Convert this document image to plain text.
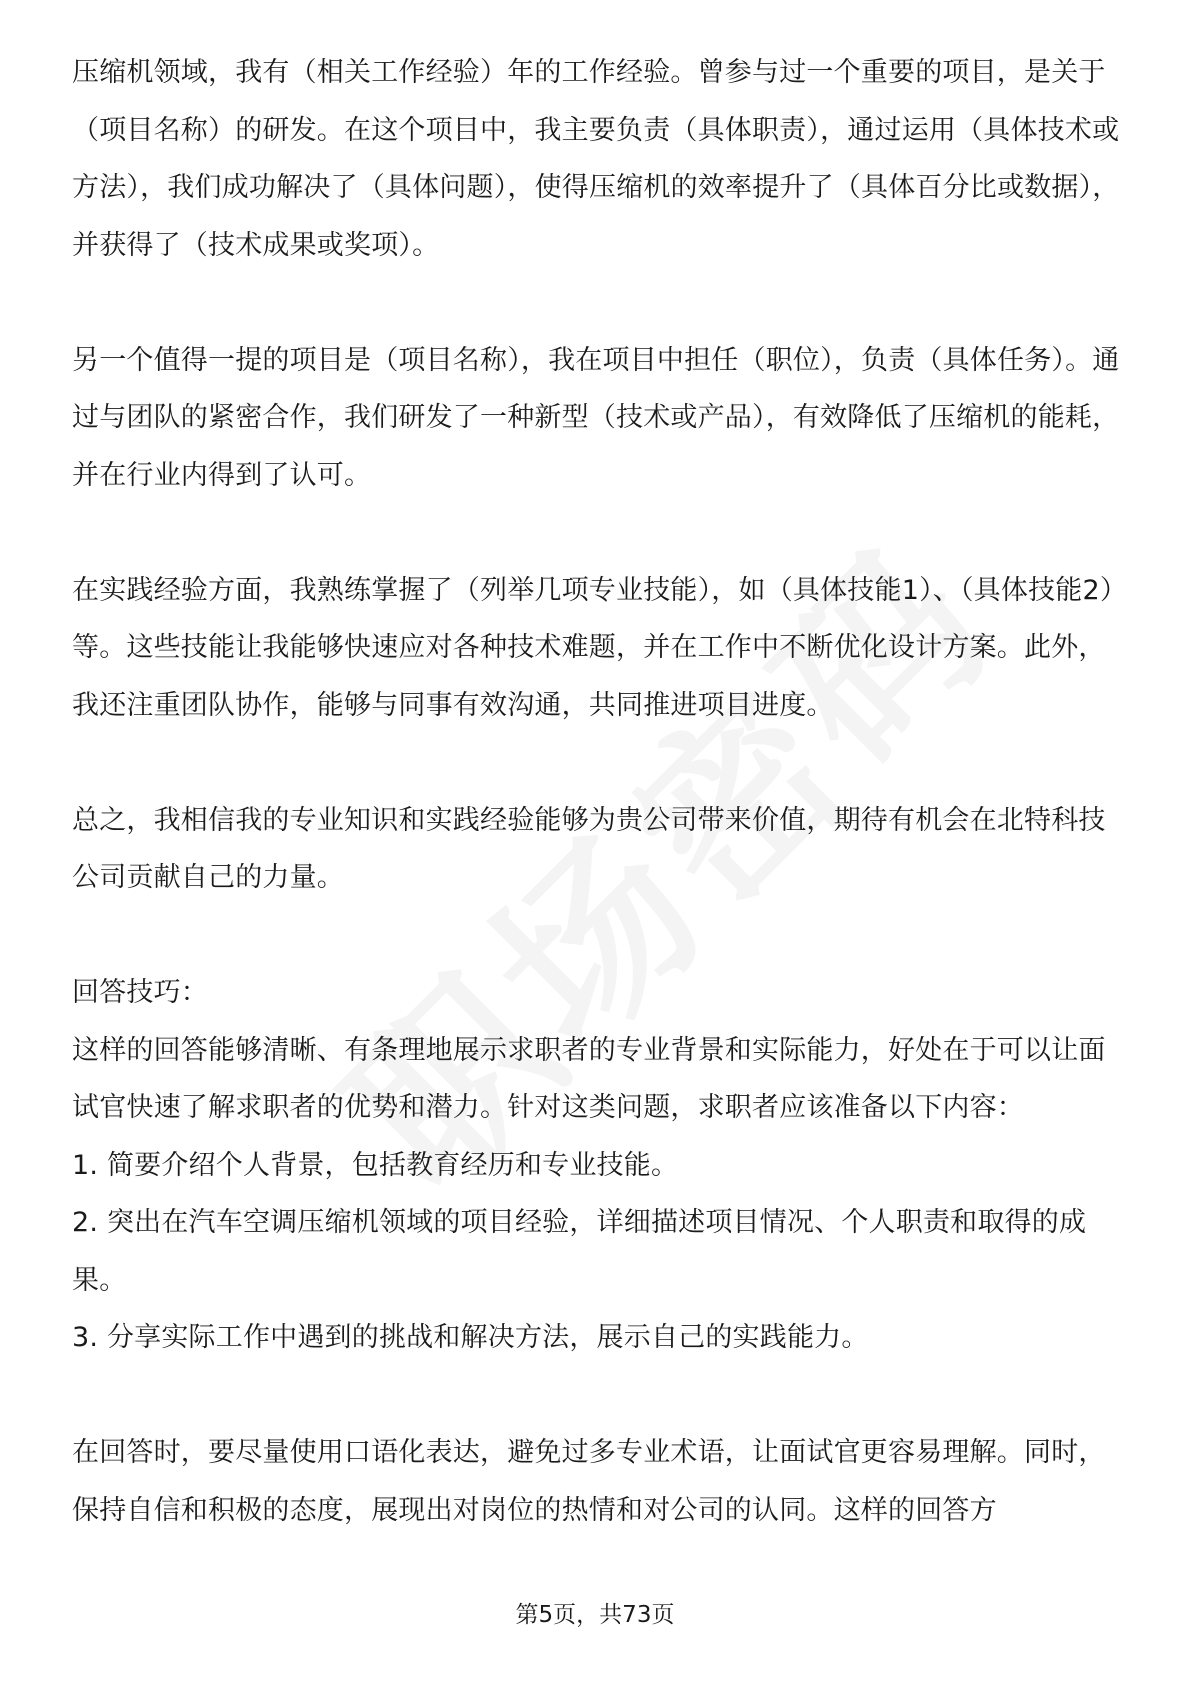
压缩机领域，我有（相关工作经验）年的工作经验。曾参与过一个重要的项目，是关于（项目名称）的研发。在这个项目中，我主要负责（具体职责），通过运用（具体技术或方法），我们成功解决了（具体问题），使得压缩机的效率提升了（具体百分比或数据），并获得了（技术成果或奖项）。

另一个值得一提的项目是（项目名称），我在项目中担任（职位），负责（具体任务）。通过与团队的紧密合作，我们研发了一种新型（技术或产品），有效降低了压缩机的能耗，并在行业内得到了认可。

在实践经验方面，我熟练掌握了（列举几项专业技能），如（具体技能1）、（具体技能2）等。这些技能让我能够快速应对各种技术难题，并在工作中不断优化设计方案。此外，我还注重团队协作，能够与同事有效沟通，共同推进项目进度。

总之，我相信我的专业知识和实践经验能够为贵公司带来价值，期待有机会在北特科技公司贡献自己的力量。

回答技巧：

这样的回答能够清晰、有条理地展示求职者的专业背景和实际能力，好处在于可以让面试官快速了解求职者的优势和潜力。针对这类问题，求职者应该准备以下内容：

1. 简要介绍个人背景，包括教育经历和专业技能。

2. 突出在汽车空调压缩机领域的项目经验，详细描述项目情况、个人职责和取得的成果。

3. 分享实际工作中遇到的挑战和解决方法，展示自己的实践能力。

在回答时，要尽量使用口语化表达，避免过多专业术语，让面试官更容易理解。同时，保持自信和积极的态度，展现出对岗位的热情和对公司的认同。这样的回答方

第5页，共73页
